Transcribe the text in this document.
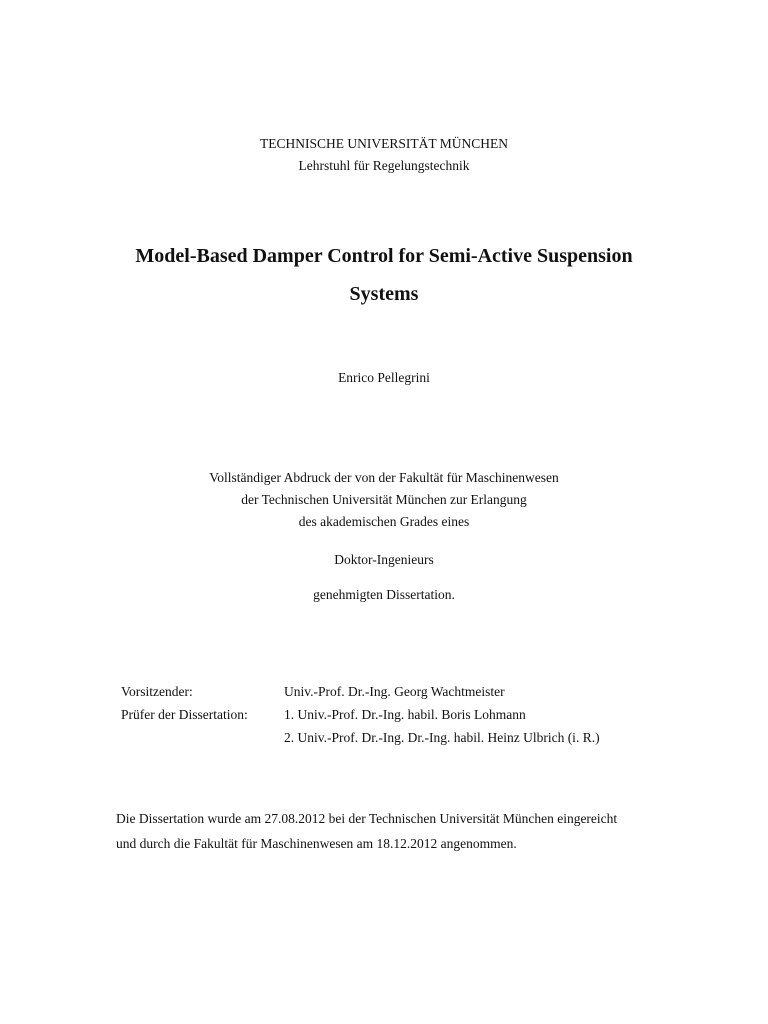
TECHNISCHE UNIVERSITÄT MÜNCHEN
Lehrstuhl für Regelungstechnik
Model-Based Damper Control for Semi-Active Suspension
Systems
Enrico Pellegrini
Vollständiger Abdruck der von der Fakultät für Maschinenwesen
der Technischen Universität München zur Erlangung
des akademischen Grades eines
Doktor-Ingenieurs
genehmigten Dissertation.
Vorsitzender:	Univ.-Prof. Dr.-Ing. Georg Wachtmeister
Prüfer der Dissertation:	1. Univ.-Prof. Dr.-Ing. habil. Boris Lohmann
2. Univ.-Prof. Dr.-Ing. Dr.-Ing. habil. Heinz Ulbrich (i. R.)
Die Dissertation wurde am 27.08.2012 bei der Technischen Universität München eingereicht
und durch die Fakultät für Maschinenwesen am 18.12.2012 angenommen.
